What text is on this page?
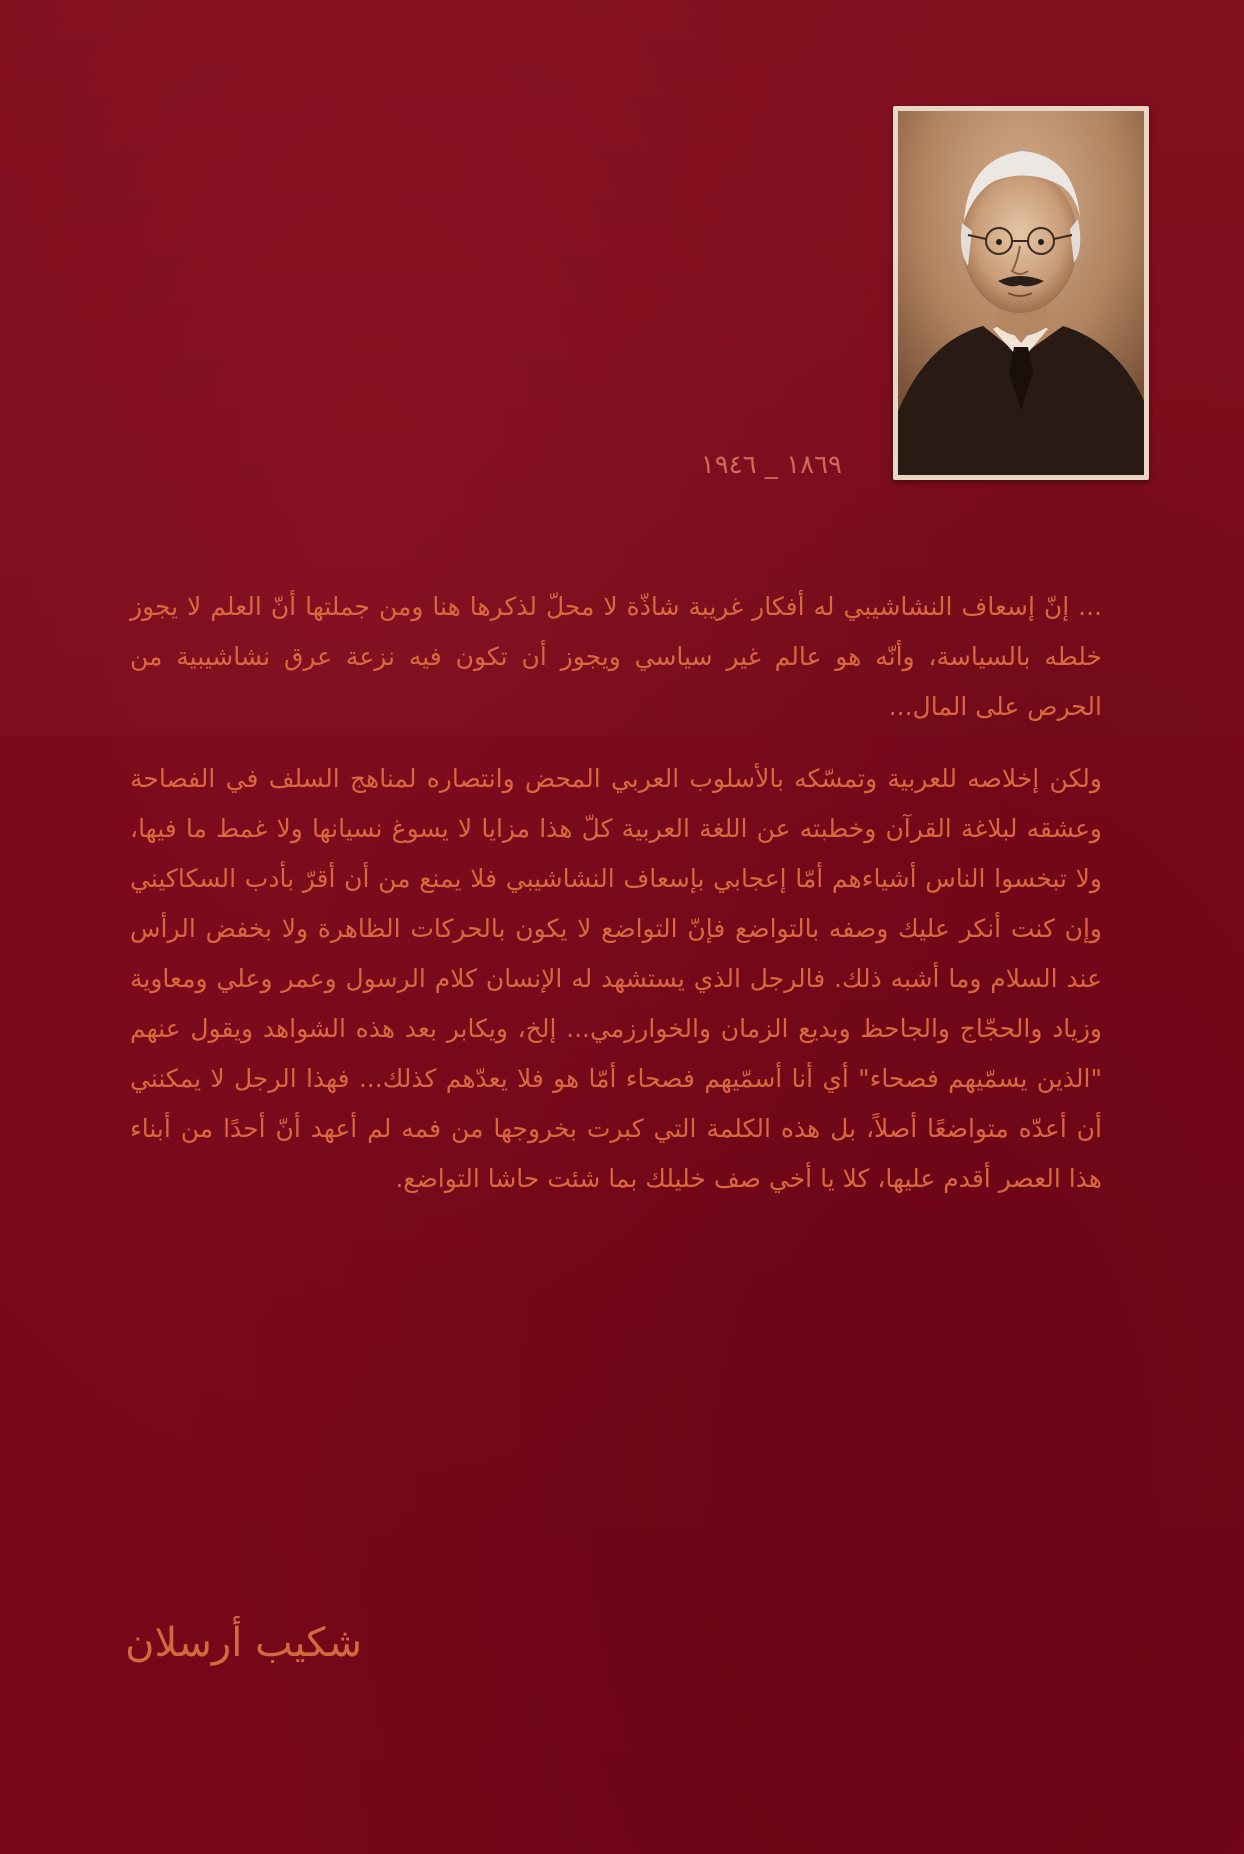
١٨٦٩ _ ١٩٤٦

... إنّ إسعاف النشاشيبي له أفكار غريبة شاذّة لا محلّ لذكرها هنا ومن جملتها أنّ العلم لا يجوز خلطه بالسياسة، وأنّه هو عالم غير سياسي ويجوز أن تكون فيه نزعة عرق نشاشيبية من الحرص على المال...

ولكن إخلاصه للعربية وتمسّكه بالأسلوب العربي المحض وانتصاره لمناهج السلف في الفصاحة وعشقه لبلاغة القرآن وخطبته عن اللغة العربية كلّ هذا مزايا لا يسوغ نسيانها ولا غمط ما فيها، ولا تبخسوا الناس أشياءهم أمّا إعجابي بإسعاف النشاشيبي فلا يمنع من أن أقرّ بأدب السكاكيني وإن كنت أنكر عليك وصفه بالتواضع فإنّ التواضع لا يكون بالحركات الظاهرة ولا بخفض الرأس عند السلام وما أشبه ذلك. فالرجل الذي يستشهد له الإنسان كلام الرسول وعمر وعلي ومعاوية وزياد والحجّاج والجاحظ وبديع الزمان والخوارزمي... إلخ، ويكابر بعد هذه الشواهد ويقول عنهم "الذين يسمّيهم فصحاء" أي أنا أسمّيهم فصحاء أمّا هو فلا يعدّهم كذلك... فهذا الرجل لا يمكنني أن أعدّه متواضعًا أصلاً، بل هذه الكلمة التي كبرت بخروجها من فمه لم أعهد أنّ أحدًا من أبناء هذا العصر أقدم عليها، كلا يا أخي صف خليلك بما شئت حاشا التواضع.

شكيب أرسلان
